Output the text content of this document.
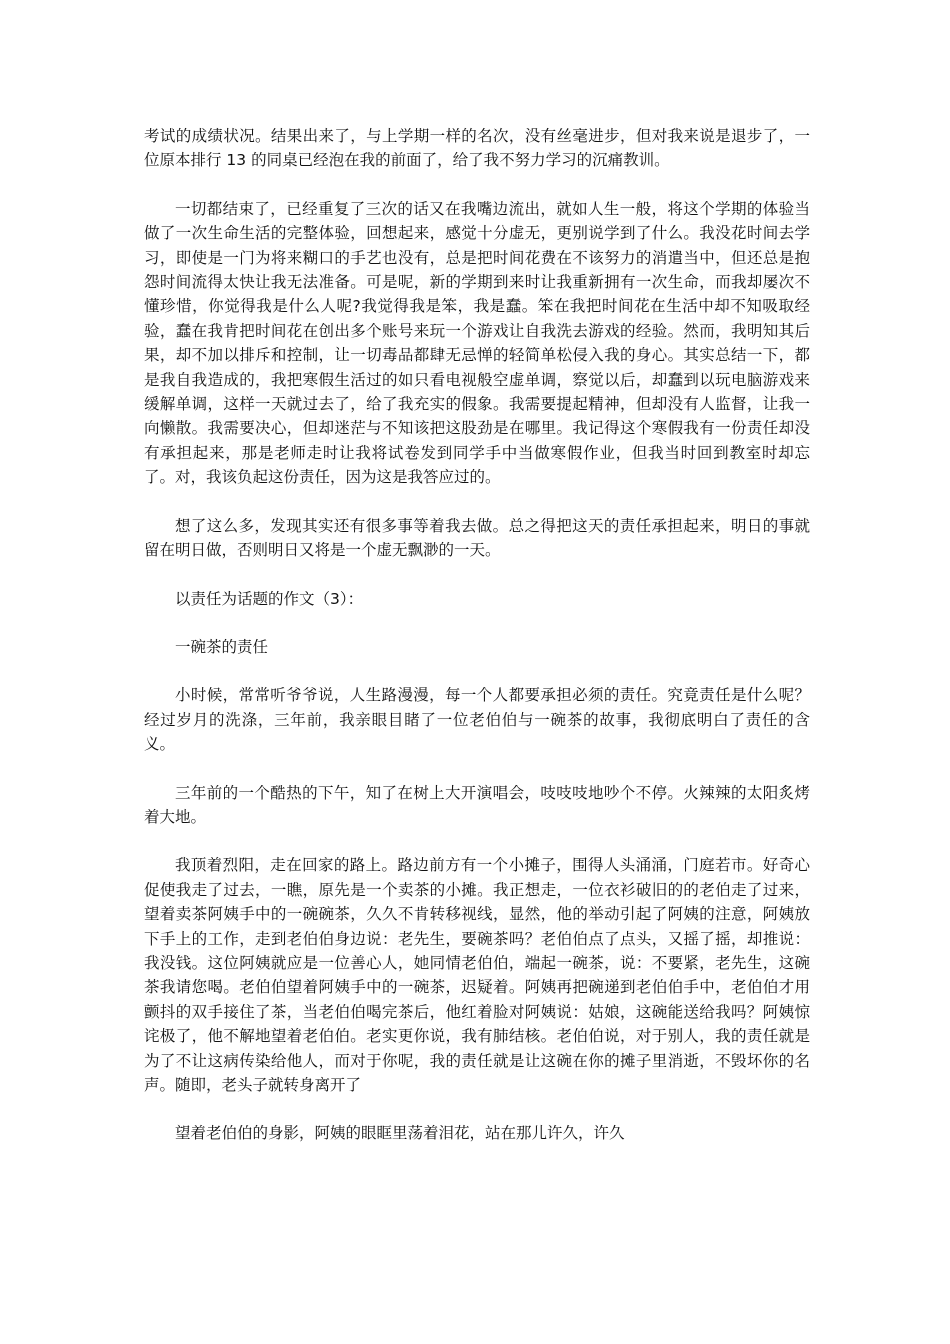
考试的成绩状况。结果出来了，与上学期一样的名次，没有丝毫进步，但对我来说是退步了，一位原本排行 13 的同桌已经泡在我的前面了，给了我不努力学习的沉痛教训。

一切都结束了，已经重复了三次的话又在我嘴边流出，就如人生一般，将这个学期的体验当做了一次生命生活的完整体验，回想起来，感觉十分虚无，更别说学到了什么。我没花时间去学习，即使是一门为将来糊口的手艺也没有，总是把时间花费在不该努力的消遣当中，但还总是抱怨时间流得太快让我无法准备。可是呢，新的学期到来时让我重新拥有一次生命，而我却屡次不懂珍惜，你觉得我是什么人呢?我觉得我是笨，我是蠢。笨在我把时间花在生活中却不知吸取经验，蠢在我肯把时间花在创出多个账号来玩一个游戏让自我洗去游戏的经验。然而，我明知其后果，却不加以排斥和控制，让一切毒品都肆无忌惮的轻简单松侵入我的身心。其实总结一下，都是我自我造成的，我把寒假生活过的如只看电视般空虚单调，察觉以后，却蠢到以玩电脑游戏来缓解单调，这样一天就过去了，给了我充实的假象。我需要提起精神，但却没有人监督，让我一向懒散。我需要决心，但却迷茫与不知该把这股劲是在哪里。我记得这个寒假我有一份责任却没有承担起来，那是老师走时让我将试卷发到同学手中当做寒假作业，但我当时回到教室时却忘了。对，我该负起这份责任，因为这是我答应过的。

想了这么多，发现其实还有很多事等着我去做。总之得把这天的责任承担起来，明日的事就留在明日做，否则明日又将是一个虚无飘渺的一天。

以责任为话题的作文（3）：

一碗茶的责任

小时候，常常听爷爷说，人生路漫漫，每一个人都要承担必须的责任。究竟责任是什么呢？经过岁月的洗涤，三年前，我亲眼目睹了一位老伯伯与一碗茶的故事，我彻底明白了责任的含义。

三年前的一个酷热的下午，知了在树上大开演唱会，吱吱吱地吵个不停。火辣辣的太阳炙烤着大地。

我顶着烈阳，走在回家的路上。路边前方有一个小摊子，围得人头涌涌，门庭若市。好奇心促使我走了过去，一瞧，原先是一个卖茶的小摊。我正想走，一位衣衫破旧的的老伯走了过来，望着卖茶阿姨手中的一碗碗茶，久久不肯转移视线，显然，他的举动引起了阿姨的注意，阿姨放下手上的工作，走到老伯伯身边说：老先生，要碗茶吗？老伯伯点了点头，又摇了摇，却推说：我没钱。这位阿姨就应是一位善心人，她同情老伯伯，端起一碗茶，说：不要紧，老先生，这碗茶我请您喝。老伯伯望着阿姨手中的一碗茶，迟疑着。阿姨再把碗递到老伯伯手中，老伯伯才用颤抖的双手接住了茶，当老伯伯喝完茶后，他红着脸对阿姨说：姑娘，这碗能送给我吗？阿姨惊诧极了，他不解地望着老伯伯。老实更你说，我有肺结核。老伯伯说，对于别人，我的责任就是为了不让这病传染给他人，而对于你呢，我的责任就是让这碗在你的摊子里消逝，不毁坏你的名声。随即，老头子就转身离开了

望着老伯伯的身影，阿姨的眼眶里荡着泪花，站在那儿许久，许久
